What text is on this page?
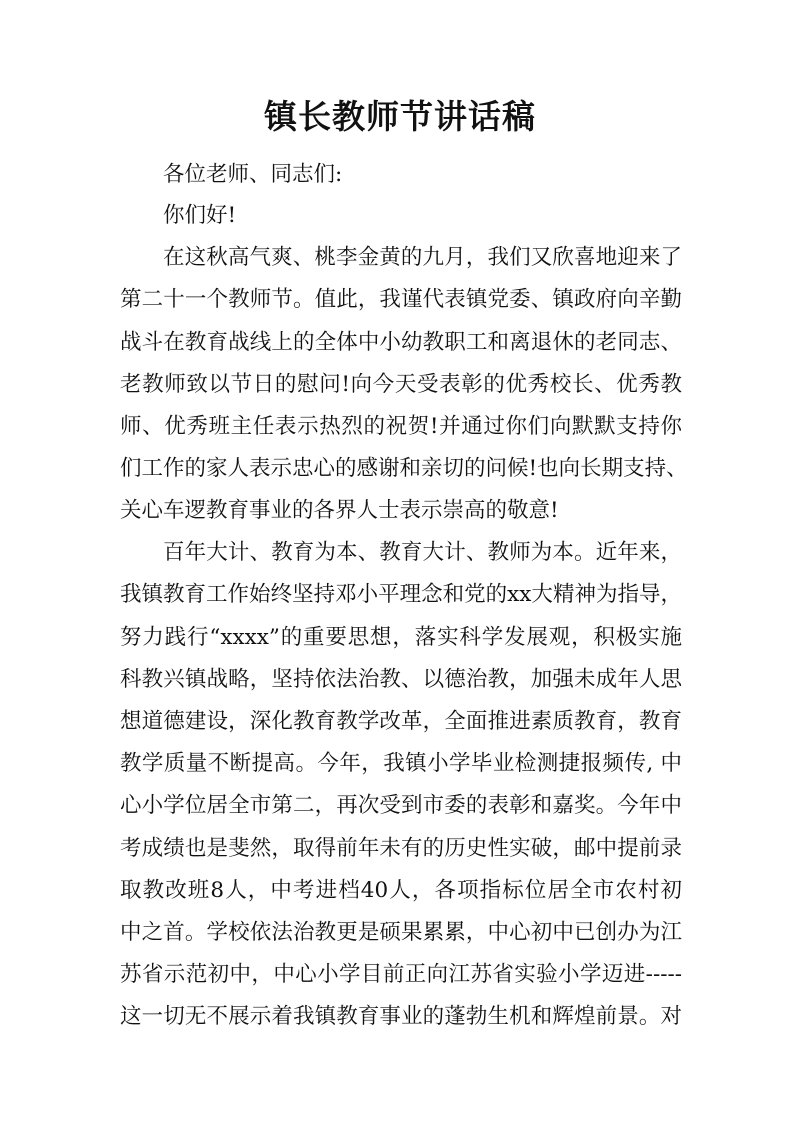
镇长教师节讲话稿
各位老师、同志们:
你们好!
在这秋高气爽、桃李金黄的九月，我们又欣喜地迎来了
第二十一个教师节。值此，我谨代表镇党委、镇政府向辛勤
战斗在教育战线上的全体中小幼教职工和离退休的老同志、
老教师致以节日的慰问!向今天受表彰的优秀校长、优秀教
师、优秀班主任表示热烈的祝贺!并通过你们向默默支持你
们工作的家人表示忠心的感谢和亲切的问候!也向长期支持、
关心车逻教育事业的各界人士表示崇高的敬意!
百年大计、教育为本、教育大计、教师为本。近年来，
我镇教育工作始终坚持邓小平理念和党的xx大精神为指导，
努力践行“xxxx”的重要思想，落实科学发展观，积极实施
科教兴镇战略，坚持依法治教、以德治教，加强未成年人思
想道德建设，深化教育教学改革，全面推进素质教育，教育
教学质量不断提高。今年，我镇小学毕业检测捷报频传, 中
心小学位居全市第二，再次受到市委的表彰和嘉奖。今年中
考成绩也是斐然，取得前年未有的历史性实破，邮中提前录
取教改班8人，中考进档40人，各项指标位居全市农村初
中之首。学校依法治教更是硕果累累，中心初中已创办为江
苏省示范初中，中心小学目前正向江苏省实验小学迈进-----
这一切无不展示着我镇教育事业的蓬勃生机和辉煌前景。对
